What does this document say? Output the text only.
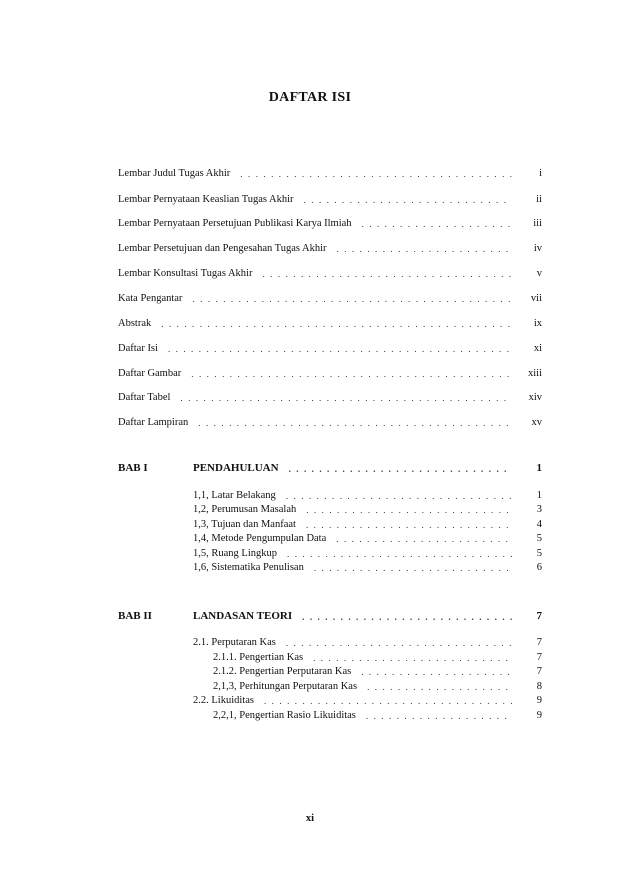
DAFTAR ISI
Lembar Judul Tugas Akhir . . .	i
Lembar Pernyataan Keaslian Tugas Akhir . . .	ii
Lembar Pernyataan Persetujuan Publikasi Karya Ilmiah . . .	iii
Lembar Persetujuan dan Pengesahan Tugas Akhir . . .	iv
Lembar Konsultasi Tugas Akhir . . .	v
Kata Pengantar . . .	vii
Abstrak . . .	ix
Daftar Isi . . .	xi
Daftar Gambar . . .	xiii
Daftar Tabel . . .	xiv
Daftar Lampiran . . .	xv
BAB I	PENDAHULUAN . . .	1
1,1, Latar Belakang . . .	1
1,2, Perumusan Masalah . . .	3
1,3, Tujuan dan Manfaat . . .	4
1,4, Metode Pengumpulan Data . . .	5
1,5, Ruang Lingkup . . .	5
1,6, Sistematika Penulisan . . .	6
BAB II	LANDASAN TEORI . . .	7
2.1. Perputaran Kas . . .	7
2.1.1. Pengertian Kas . . .	7
2.1.2. Pengertian Perputaran Kas . . .	7
2,1,3, Perhitungan Perputaran Kas . . .	8
2.2. Likuiditas . . .	9
2,2,1, Pengertian Rasio Likuiditas . . .	9
xi
